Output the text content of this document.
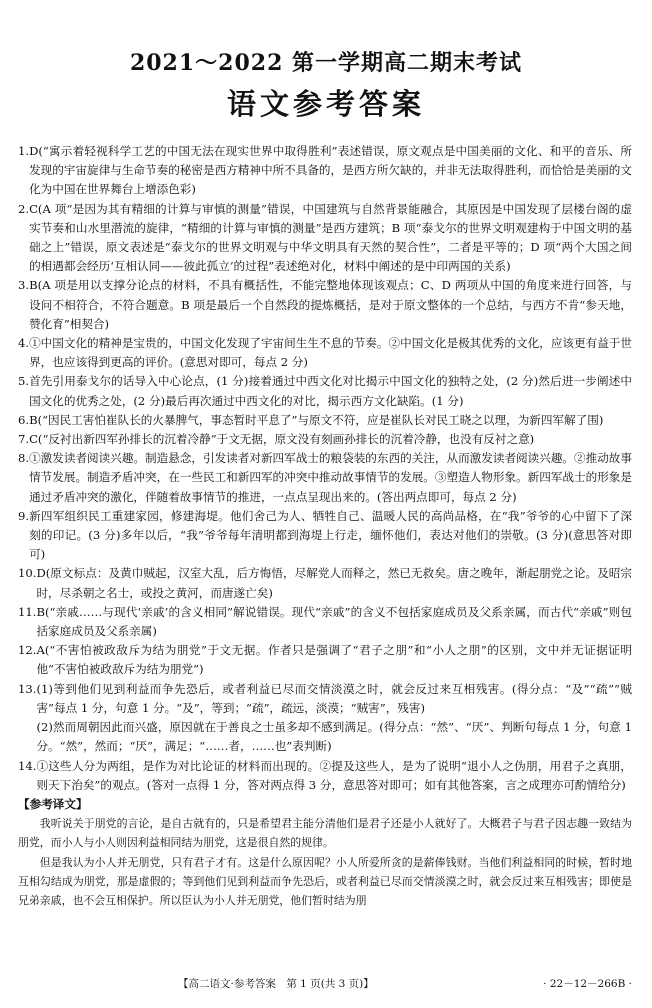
2021～2022 第一学期高二期末考试
语文参考答案
1. D(“寓示着轻视科学工艺的中国无法在现实世界中取得胜利”表述错误，原文观点是中国美丽的文化、和平的音乐、所发现的宇宙旋律与生命节奏的秘密是西方精神中所不具备的，是西方所欠缺的，并非无法取得胜利，而恰恰是美丽的文化为中国在世界舞台上增添色彩)
2. C(A 项“是因为其有精细的计算与审慎的测量”错误，中国建筑与自然背景能融合，其原因是中国发现了层楼台阁的虚实节奏和山水里潜流的旋律，“精细的计算与审慎的测量”是西方建筑；B 项“泰戈尔的世界文明观建构于中国文明的基础之上”错误，原文表述是“泰戈尔的世界文明观与中华文明具有天然的契合性”，二者是平等的；D 项“两个大国之间的相遇都会经历‘互相认同——彼此孤立’的过程”表述绝对化，材料中阐述的是中印两国的关系)
3. B(A 项是用以支撑分论点的材料，不具有概括性，不能完整地体现该观点；C、D 两项从中国的角度来进行回答，与设问不相符合，不符合题意。B 项是最后一个自然段的提炼概括，是对于原文整体的一个总结，与西方不肯“参天地，赞化育”相契合)
4. ①中国文化的精神是宝贵的，中国文化发现了宇宙间生生不息的节奏。②中国文化是极其优秀的文化，应该更有益于世界，也应该得到更高的评价。(意思对即可，每点 2 分)
5. 首先引用泰戈尔的话导入中心论点，(1 分)接着通过中西文化对比揭示中国文化的独特之处，(2 分)然后进一步阐述中国文化的优秀之处，(2 分)最后再次通过中西文化的对比，揭示西方文化缺陷。(1 分)
6. B(“因民工害怕崔队长的火暴脾气，事态暂时平息了”与原文不符，应是崔队长对民工晓之以理，为新四军解了围)
7. C(“反衬出新四军孙排长的沉着冷静”于文无据，原文没有刻画孙排长的沉着冷静，也没有反衬之意)
8. ①激发读者阅读兴趣。制造悬念，引发读者对新四军战士的粮袋装的东西的关注，从而激发读者阅读兴趣。②推动故事情节发展。制造矛盾冲突，在一些民工和新四军的冲突中推动故事情节的发展。③塑造人物形象。新四军战士的形象是通过矛盾冲突的激化，伴随着故事情节的推进，一点点呈现出来的。(答出两点即可，每点 2 分)
9. 新四军组织民工重建家园，修建海堤。他们舍己为人、牺牲自己、温暖人民的高尚品格，在“我”爷爷的心中留下了深刻的印记。(3 分)多年以后，“我”爷爷每年清明都到海堤上行走，缅怀他们，表达对他们的崇敬。(3 分)(意思答对即可)
10. D(原文标点：及黄巾贼起，汉室大乱，后方悔悟，尽解党人而释之，然已无救矣。唐之晚年，渐起朋党之论。及昭宗时，尽杀朝之名士，或投之黄河，而唐遂亡矣)
11. B(“亲戚……与现代‘亲戚’的含义相同”解说错误。现代“亲戚”的含义不包括家庭成员及父系亲属，而古代“亲戚”则包括家庭成员及父系亲属)
12. A(“不害怕被政敌斥为结为朋党”于文无据。作者只是强调了“君子之朋”和“小人之朋”的区别，文中并无证据证明他“不害怕被政敌斥为结为朋党”)
13. (1)等到他们见到利益而争先恐后，或者利益已尽而交情淡漠之时，就会反过来互相残害。(得分点：“及”“疏”“贼害”每点 1 分，句意 1 分。“及”，等到；“疏”，疏远，淡漠；“贼害”，残害)
(2)然而周朝因此而兴盛，原因就在于善良之士虽多却不感到满足。(得分点：“然”、“厌”、判断句每点 1 分，句意 1 分。“然”，然而；“厌”，满足；“……者，……也”表判断)
14. ①这些人分为两组，是作为对比论证的材料而出现的。②提及这些人，是为了说明“退小人之伪朋，用君子之真朋，则天下治矣”的观点。(答对一点得 1 分，答对两点得 3 分，意思答对即可；如有其他答案，言之成理亦可酌情给分)
【参考译文】

我听说关于朋党的言论，是自古就有的，只是希望君主能分清他们是君子还是小人就好了。大概君子与君子因志趣一致结为朋党，而小人与小人则因利益相同结为朋党，这是很自然的规律。

但是我认为小人并无朋党，只有君子才有。这是什么原因呢？小人所爱所贪的是薪俸钱财。当他们利益相同的时候，暂时地互相勾结成为朋党，那是虚假的；等到他们见到利益而争先恐后，或者利益已尽而交情淡漠之时，就会反过来互相残害；即使是兄弟亲戚，也不会互相保护。所以臣认为小人并无朋党，他们暂时结为朋

【高二语文·参考答案　第 1 页(共 3 页)】	· 22－12－266B ·
